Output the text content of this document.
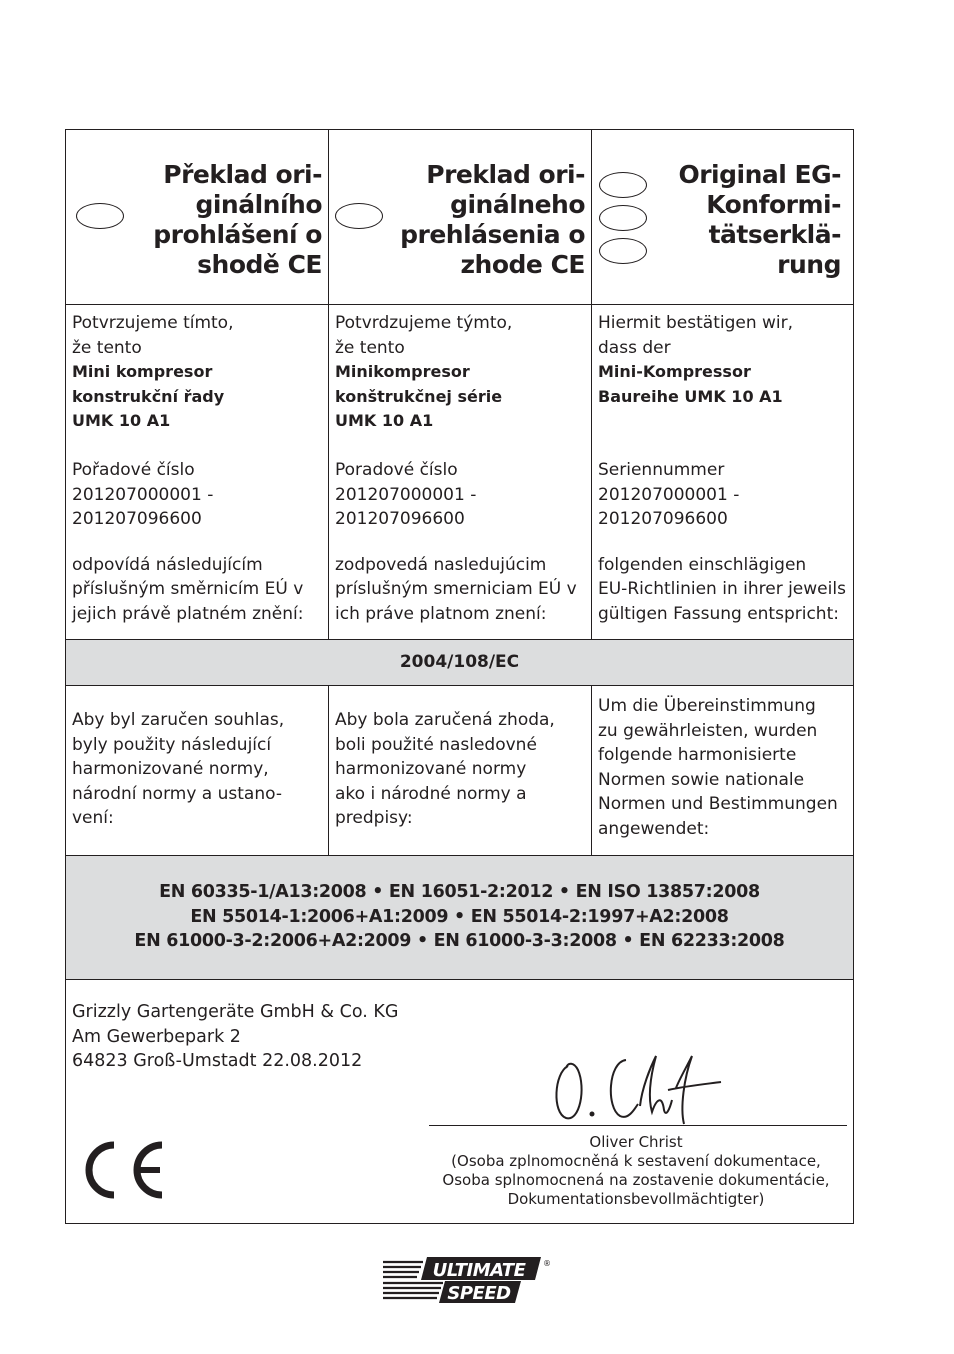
Překlad ori-
ginálního
prohlášení o
shodě CE
Preklad ori-
ginálneho
prehlásenia o
zhode CE
Original EG-
Konformi-
tätserklä-
rung
Potvrzujeme tímto,
že tento
Mini kompresor
konstrukční řady
UMK 10 A1
Pořadové číslo
201207000001 -
201207096600
odpovídá následujícím
příslušným směrnicím EÚ v
jejich právě platném znění:
Potvrdzujeme týmto,
že tento
Minikompresor
konštrukčnej série
UMK 10 A1
Poradové číslo
201207000001 -
201207096600
zodpovedá nasledujúcim
príslušným smerniciam EÚ v
ich práve platnom znení:
Hiermit bestätigen wir,
dass der
Mini-Kompressor
Baureihe UMK 10 A1
Seriennummer
201207000001 -
201207096600
folgenden einschlägigen
EU-Richtlinien in ihrer jeweils
gültigen Fassung entspricht:
2004/108/EC
Aby byl zaručen souhlas,
byly použity následující
harmonizované normy,
národní normy a ustano-
vení:
Aby bola zaručená zhoda,
boli použité nasledovné
harmonizované normy
ako i národné normy a
predpisy:
Um die Übereinstimmung
zu gewährleisten, wurden
folgende harmonisierte
Normen sowie nationale
Normen und Bestimmungen
angewendet:
EN 60335-1/A13:2008 • EN 16051-2:2012 • EN ISO 13857:2008
EN 55014-1:2006+A1:2009 • EN 55014-2:1997+A2:2008
EN 61000-3-2:2006+A2:2009 • EN 61000-3-3:2008 • EN 62233:2008
Grizzly Gartengeräte GmbH & Co. KG
Am Gewerbepark 2
64823 Groß-Umstadt 22.08.2012
Oliver Christ
(Osoba zplnomocněná k sestavení dokumentace,
Osoba splnomocnená na zostavenie dokumentácie,
Dokumentationsbevollmächtigter)
ULTIMATE
SPEED
®
